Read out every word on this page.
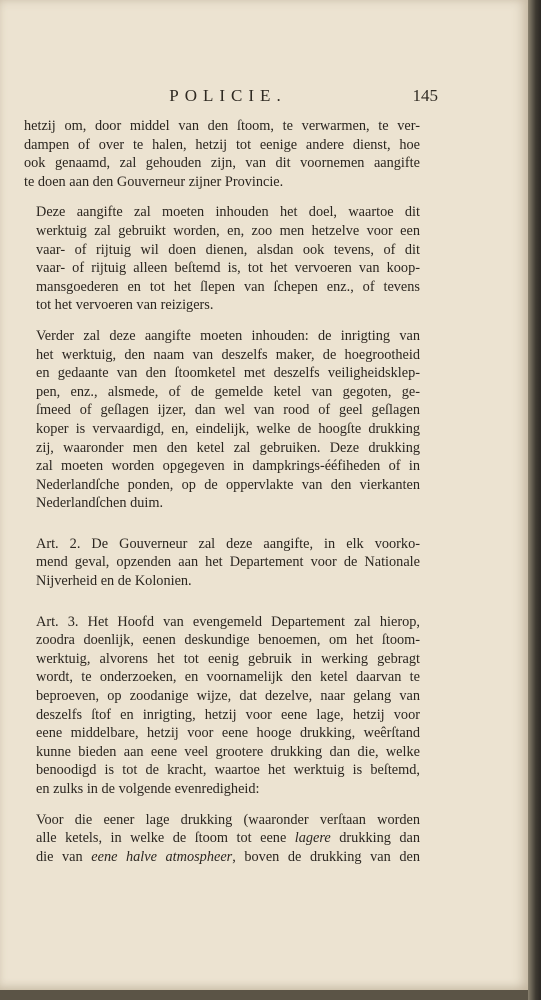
POLICIE.	145

hetzij om, door middel van den ſtoom, te verwarmen, te ver-
dampen of over te halen, hetzij tot eenige andere dienst, hoe
ook genaamd, zal gehouden zijn, van dit voornemen aangifte
te doen aan den Gouverneur zijner Provincie.

Deze aangifte zal moeten inhouden het doel, waartoe dit
werktuig zal gebruikt worden, en, zoo men hetzelve voor een
vaar- of rijtuig wil doen dienen, alsdan ook tevens, of dit
vaar- of rijtuig alleen beſtemd is, tot het vervoeren van koop-
mansgoederen en tot het ſlepen van ſchepen enz., of tevens
tot het vervoeren van reizigers.

Verder zal deze aangifte moeten inhouden: de inrigting van
het werktuig, den naam van deszelfs maker, de hoegrootheid
en gedaante van den ſtoomketel met deszelfs veiligheidsklep-
pen, enz., alsmede, of de gemelde ketel van gegoten, ge-
ſmeed of geſlagen ijzer, dan wel van rood of geel geſlagen
koper is vervaardigd, en, eindelijk, welke de hoogſte drukking
zij, waaronder men den ketel zal gebruiken. Deze drukking
zal moeten worden opgegeven in dampkrings-ééfiheden of in
Nederlandſche ponden, op de oppervlakte van den vierkanten
Nederlandſchen duim.

Art. 2. De Gouverneur zal deze aangifte, in elk voorko-
mend geval, opzenden aan het Departement voor de Nationale
Nijverheid en de Kolonien.

Art. 3. Het Hoofd van evengemeld Departement zal hierop,
zoodra doenlijk, eenen deskundige benoemen, om het ſtoom-
werktuig, alvorens het tot eenig gebruik in werking gebragt
wordt, te onderzoeken, en voornamelijk den ketel daarvan te
beproeven, op zoodanige wijze, dat dezelve, naar gelang van
deszelfs ſtof en inrigting, hetzij voor eene lage, hetzij voor
eene middelbare, hetzij voor eene hooge drukking, weêrſtand
kunne bieden aan eene veel grootere drukking dan die, welke
benoodigd is tot de kracht, waartoe het werktuig is beſtemd,
en zulks in de volgende evenredigheid:

Voor die eener lage drukking (waaronder verſtaan worden
alle ketels, in welke de ſtoom tot eene lagere drukking dan
die van eene halve atmospheer, boven de drukking van den
